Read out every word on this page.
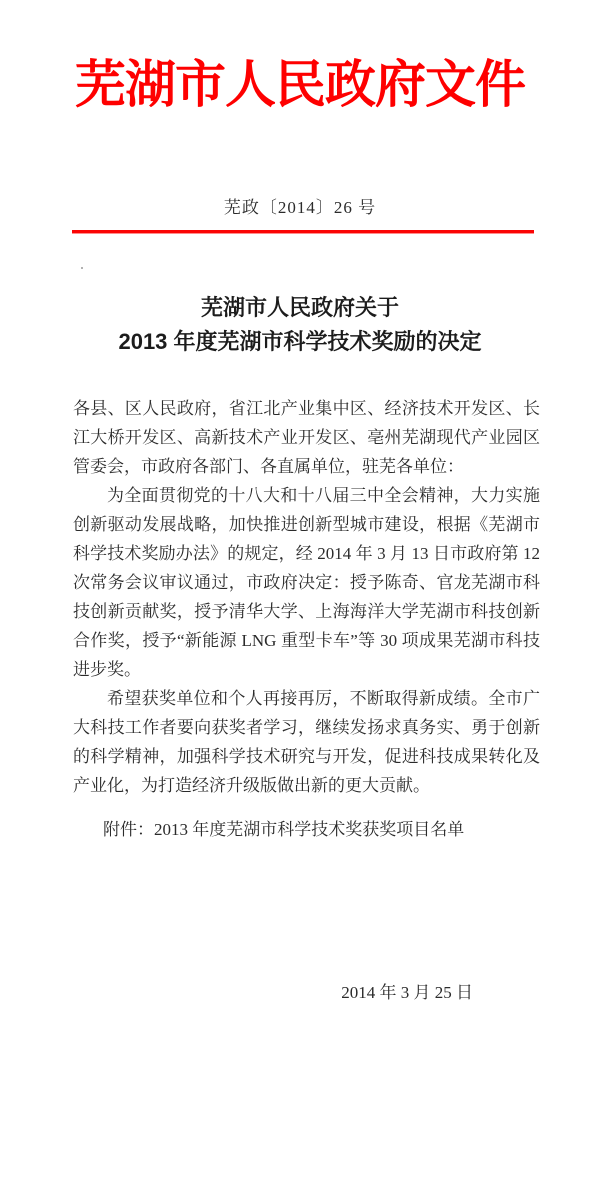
芜湖市人民政府文件
芜政〔2014〕26 号
芜湖市人民政府关于
2013 年度芜湖市科学技术奖励的决定

各县、区人民政府，省江北产业集中区、经济技术开发区、长江大桥开发区、高新技术产业开发区、亳州芜湖现代产业园区管委会，市政府各部门、各直属单位，驻芜各单位：

为全面贯彻党的十八大和十八届三中全会精神，大力实施创新驱动发展战略，加快推进创新型城市建设，根据《芜湖市科学技术奖励办法》的规定，经 2014 年 3 月 13 日市政府第 12 次常务会议审议通过，市政府决定：授予陈奇、官龙芜湖市科技创新贡献奖，授予清华大学、上海海洋大学芜湖市科技创新合作奖，授予“新能源 LNG 重型卡车”等 30 项成果芜湖市科技进步奖。

希望获奖单位和个人再接再厉，不断取得新成绩。全市广大科技工作者要向获奖者学习，继续发扬求真务实、勇于创新的科学精神，加强科学技术研究与开发，促进科技成果转化及产业化，为打造经济升级版做出新的更大贡献。

附件：2013 年度芜湖市科学技术奖获奖项目名单
2014 年 3 月 25 日
